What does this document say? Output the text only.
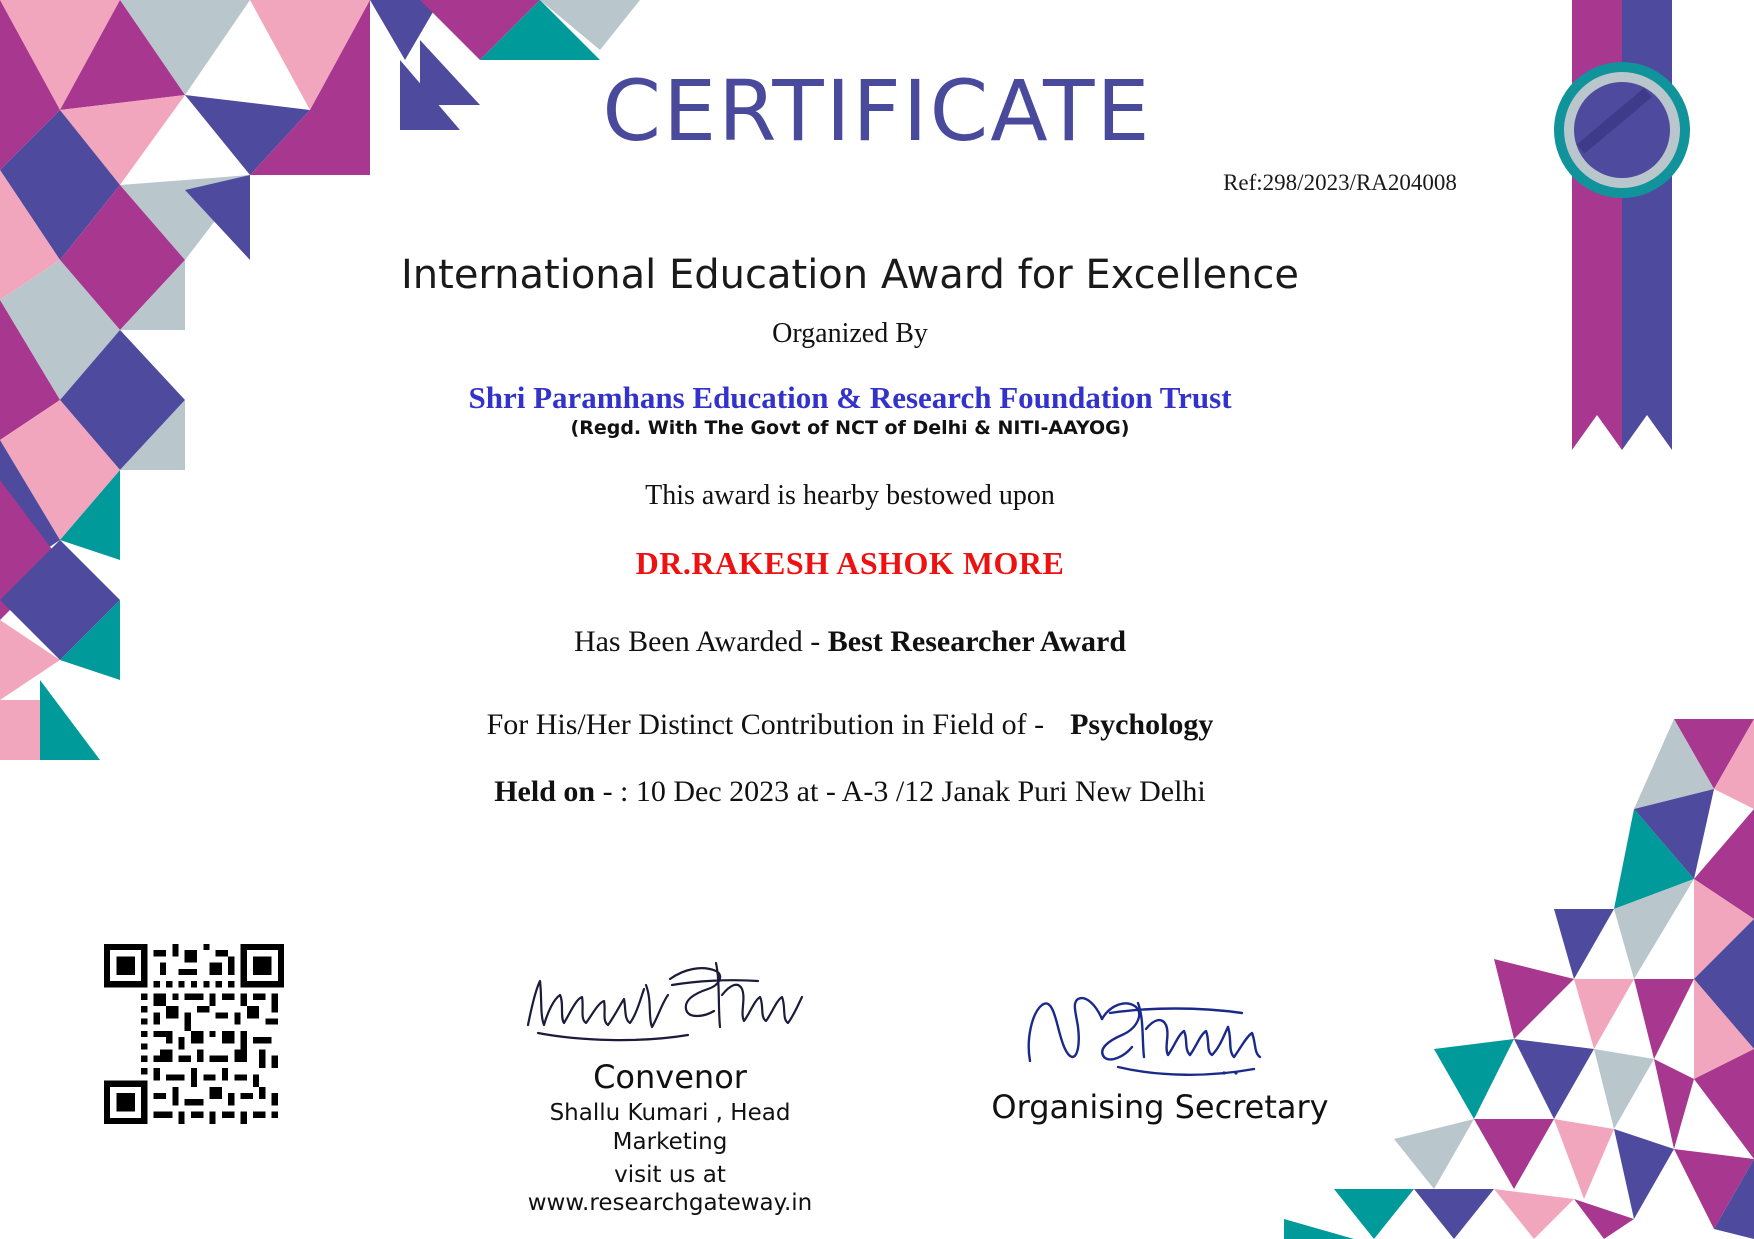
CERTIFICATE
Ref:298/2023/RA204008
International Education Award for Excellence
Organized By
Shri Paramhans Education & Research Foundation Trust
(Regd. With The Govt of NCT of Delhi & NITI-AAYOG)
This award is hearby bestowed upon
DR.RAKESH ASHOK MORE
Has Been Awarded - Best Researcher Award
For His/Her Distinct Contribution in Field of - Psychology
Held on - : 10 Dec 2023 at - A-3 /12 Janak Puri New Delhi
Convenor
Shallu Kumari , Head Marketing
visit us at www.researchgateway.in
Organising Secretary
